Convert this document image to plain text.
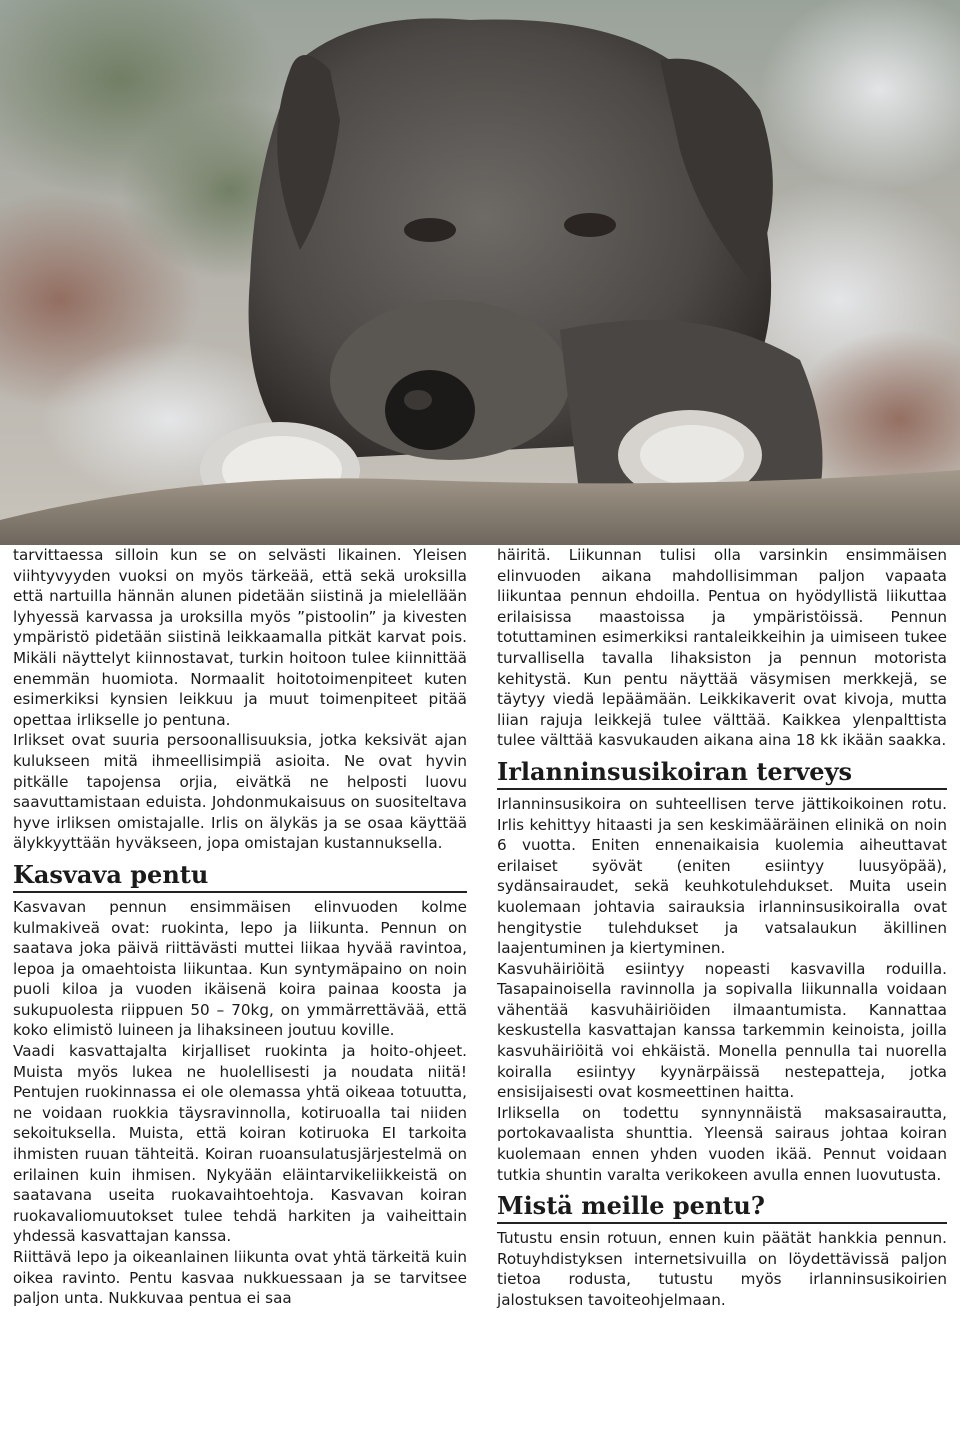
tarvittaessa silloin kun se on selvästi likainen. Yleisen viihtyvyyden vuoksi on myös tärkeää, että sekä uroksilla että nartuilla hännän alunen pidetään siistinä ja mielellään lyhyessä karvassa ja uroksilla myös ”pistoolin” ja kivesten ympäristö pidetään siistinä leikkaamalla pitkät karvat pois. Mikäli näyttelyt kiinnostavat, turkin hoitoon tulee kiinnittää enemmän huomiota. Normaalit hoitotoimenpiteet kuten esimerkiksi kynsien leikkuu ja muut toimenpiteet pitää opettaa irlikselle jo pentuna.

Irlikset ovat suuria persoonallisuuksia, jotka keksivät ajan kulukseen mitä ihmeellisimpiä asioita. Ne ovat hyvin pitkälle tapojensa orjia, eivätkä ne helposti luovu saavuttamistaan eduista. Johdonmukaisuus on suositeltava hyve irliksen omistajalle. Irlis on älykäs ja se osaa käyttää älykkyyttään hyväkseen, jopa omistajan kustannuksella.

Kasvava pentu

Kasvavan pennun ensimmäisen elinvuoden kolme kulmakiveä ovat: ruokinta, lepo ja liikunta. Pennun on saatava joka päivä riittävästi muttei liikaa hyvää ravintoa, lepoa ja omaehtoista liikuntaa. Kun syntymäpaino on noin puoli kiloa ja vuoden ikäisenä koira painaa koosta ja sukupuolesta riippuen 50 – 70kg, on ymmärrettävää, että koko elimistö luineen ja lihaksineen joutuu koville.

Vaadi kasvattajalta kirjalliset ruokinta ja hoito-ohjeet. Muista myös lukea ne huolellisesti ja noudata niitä! Pentujen ruokinnassa ei ole olemassa yhtä oikeaa totuutta, ne voidaan ruokkia täysravinnolla, kotiruoalla tai niiden sekoituksella. Muista, että koiran kotiruoka EI tarkoita ihmisten ruuan tähteitä. Koiran ruoansulatusjärjestelmä on erilainen kuin ihmisen. Nykyään eläintarvikeliikkeistä on saatavana useita ruokavaihtoehtoja. Kasvavan koiran ruokavaliomuutokset tulee tehdä harkiten ja vaiheittain yhdessä kasvattajan kanssa.

Riittävä lepo ja oikeanlainen liikunta ovat yhtä tärkeitä kuin oikea ravinto. Pentu kasvaa nukkuessaan ja se tarvitsee paljon unta. Nukkuvaa pentua ei saa

häiritä. Liikunnan tulisi olla varsinkin ensimmäisen elinvuoden aikana mahdollisimman paljon vapaata liikuntaa pennun ehdoilla. Pentua on hyödyllistä liikuttaa erilaisissa maastoissa ja ympäristöissä. Pennun totuttaminen esimerkiksi rantaleikkeihin ja uimiseen tukee turvallisella tavalla lihaksiston ja pennun motorista kehitystä. Kun pentu näyttää väsymisen merkkejä, se täytyy viedä lepäämään. Leikkikaverit ovat kivoja, mutta liian rajuja leikkejä tulee välttää. Kaikkea ylenpalttista tulee välttää kasvukauden aikana aina 18 kk ikään saakka.

Irlanninsusikoiran terveys

Irlanninsusikoira on suhteellisen terve jättikoikoinen rotu. Irlis kehittyy hitaasti ja sen keskimääräinen elinikä on noin 6 vuotta. Eniten ennenaikaisia kuolemia aiheuttavat erilaiset syövät (eniten esiintyy luusyöpää), sydänsairaudet, sekä keuhkotulehdukset. Muita usein kuolemaan johtavia sairauksia irlanninsusikoiralla ovat hengitystie tulehdukset ja vatsalaukun äkillinen laajentuminen ja kiertyminen.

Kasvuhäiriöitä esiintyy nopeasti kasvavilla roduilla. Tasapainoisella ravinnolla ja sopivalla liikunnalla voidaan vähentää kasvuhäiriöiden ilmaantumista. Kannattaa keskustella kasvattajan kanssa tarkemmin keinoista, joilla kasvuhäiriöitä voi ehkäistä. Monella pennulla tai nuorella koiralla esiintyy kyynärpäissä nestepatteja, jotka ensisijaisesti ovat kosmeettinen haitta.

Irliksella on todettu synnynnäistä maksasairautta, portokavaalista shunttia. Yleensä sairaus johtaa koiran kuolemaan ennen yhden vuoden ikää. Pennut voidaan tutkia shuntin varalta verikokeen avulla ennen luovutusta.

Mistä meille pentu?

Tutustu ensin rotuun, ennen kuin päätät hankkia pennun. Rotuyhdistyksen internetsivuilla on löydettävissä paljon tietoa rodusta, tutustu myös irlanninsusikoirien jalostuksen tavoiteohjelmaan.
